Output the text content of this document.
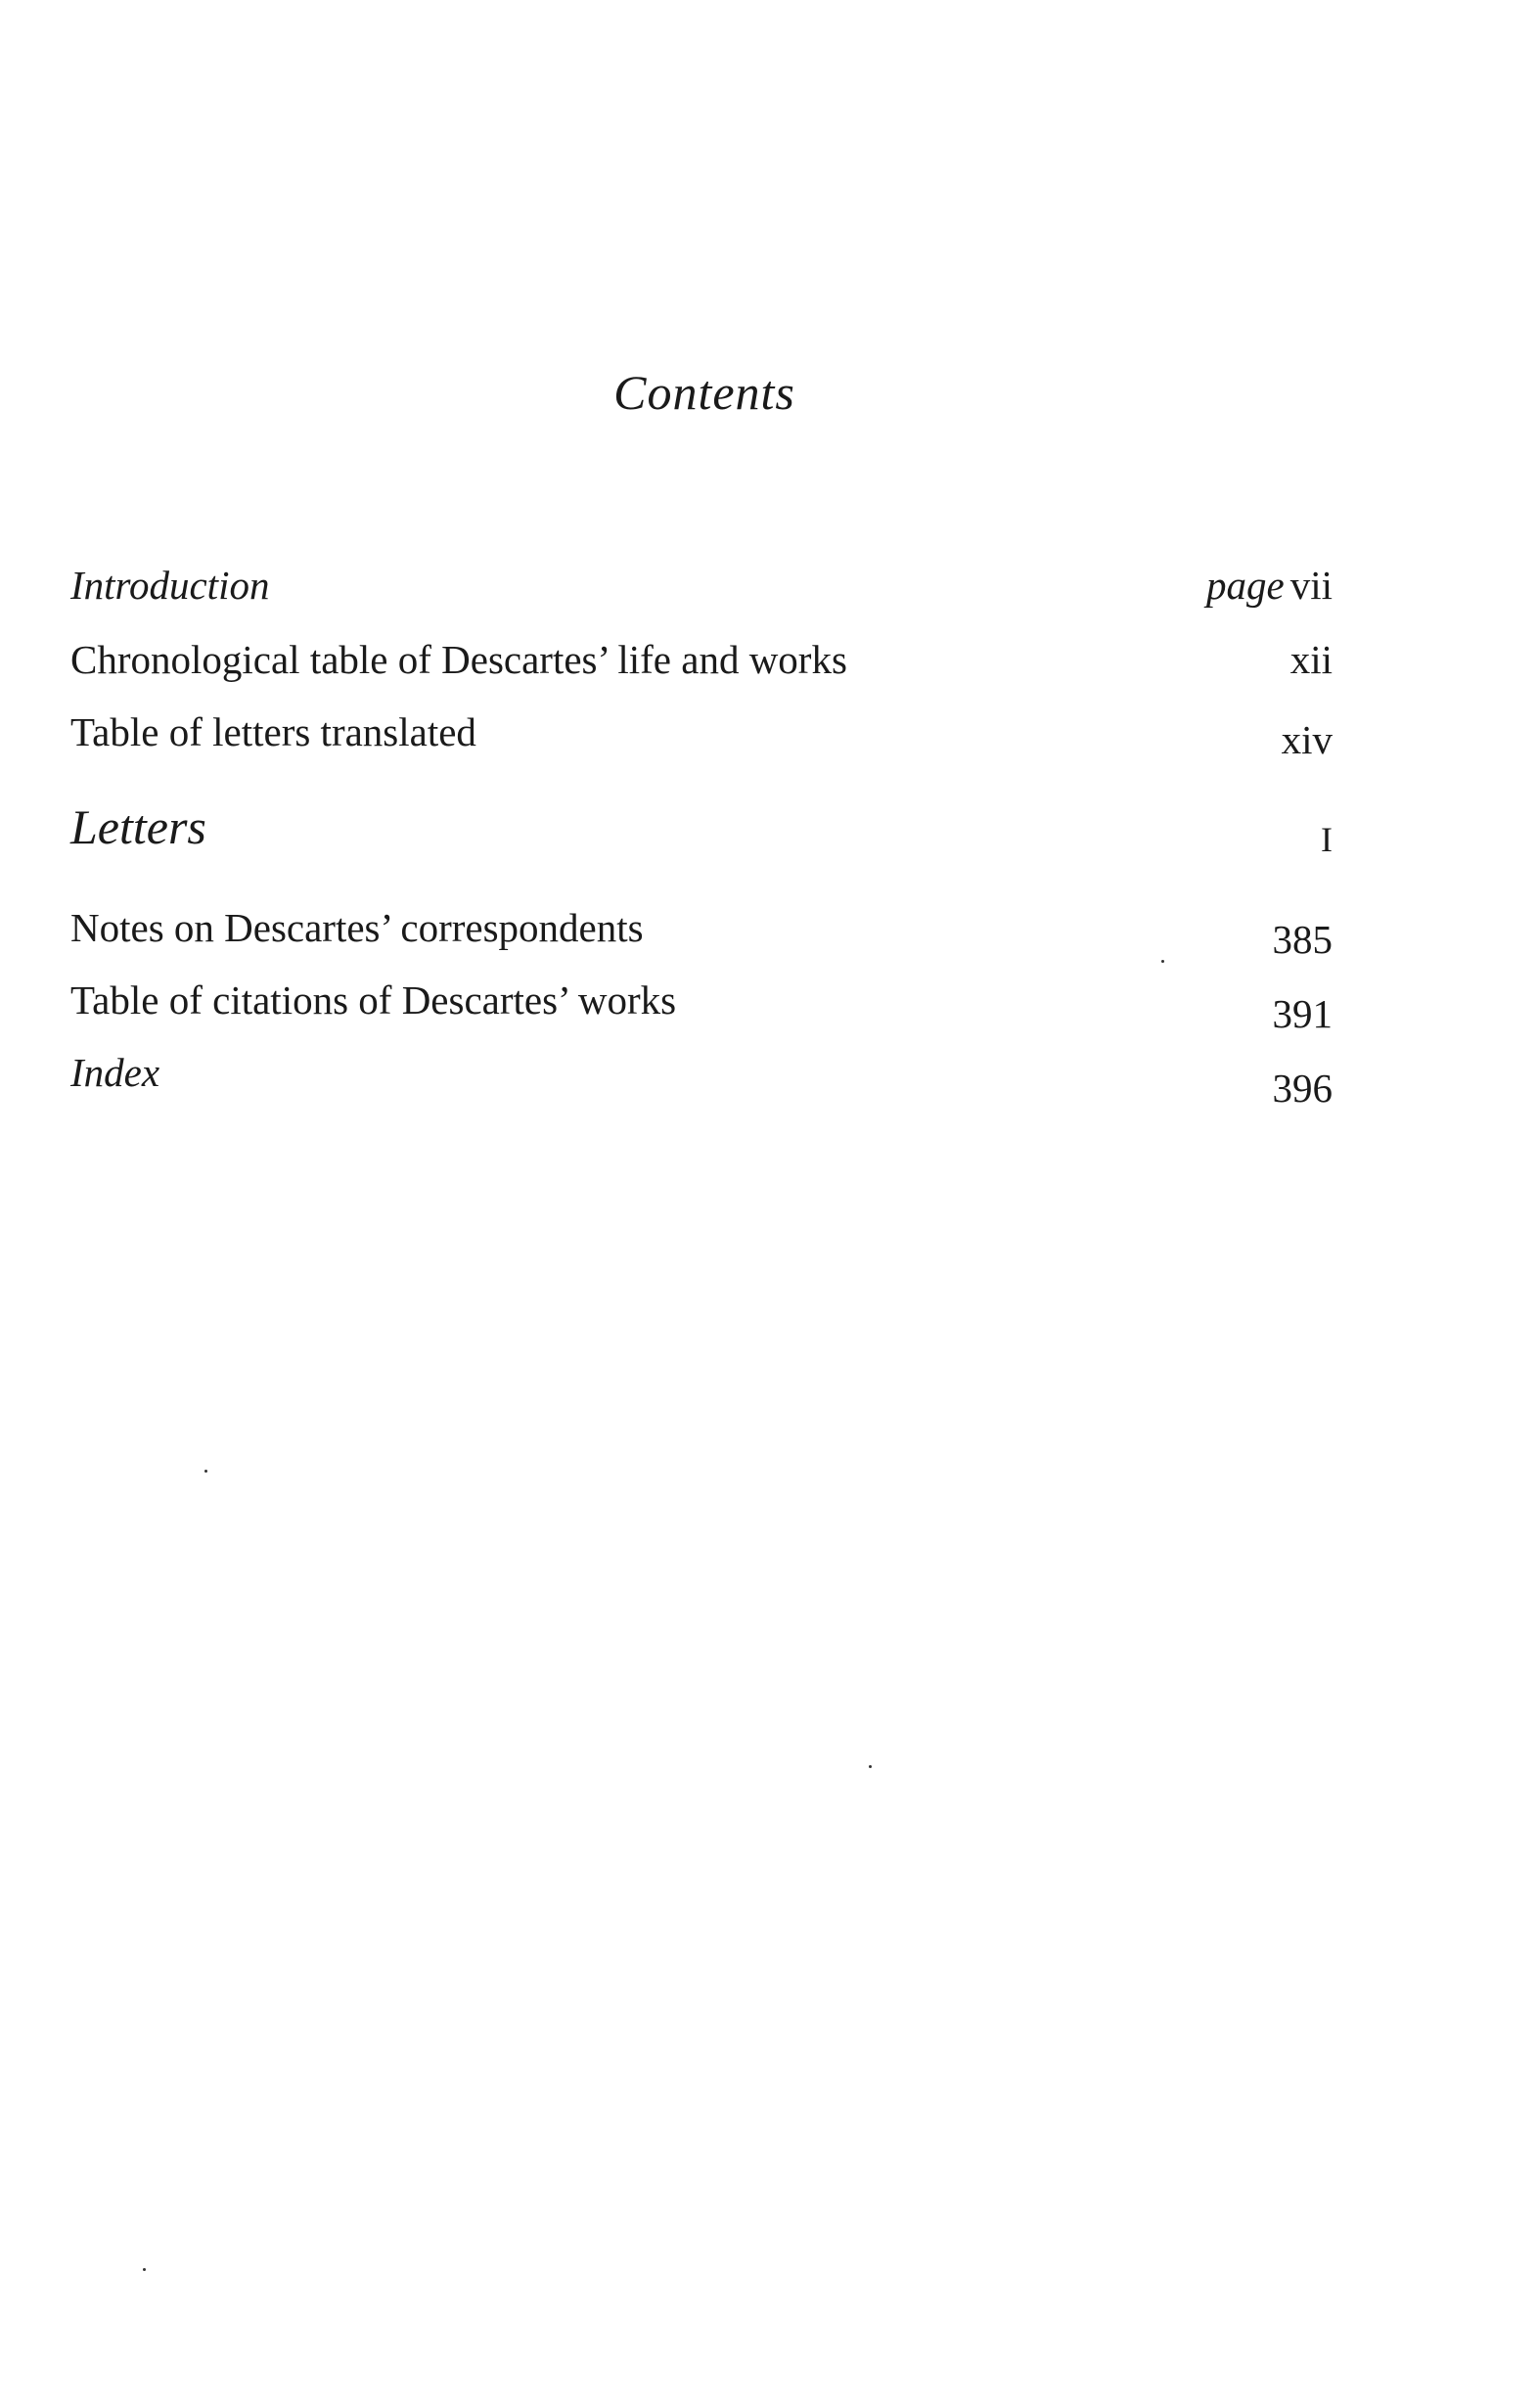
Contents
Introduction	page vii
Chronological table of Descartes’ life and works	xii
Table of letters translated	xiv
Letters	I
Notes on Descartes’ correspondents	385
Table of citations of Descartes’ works	391
Index	396
